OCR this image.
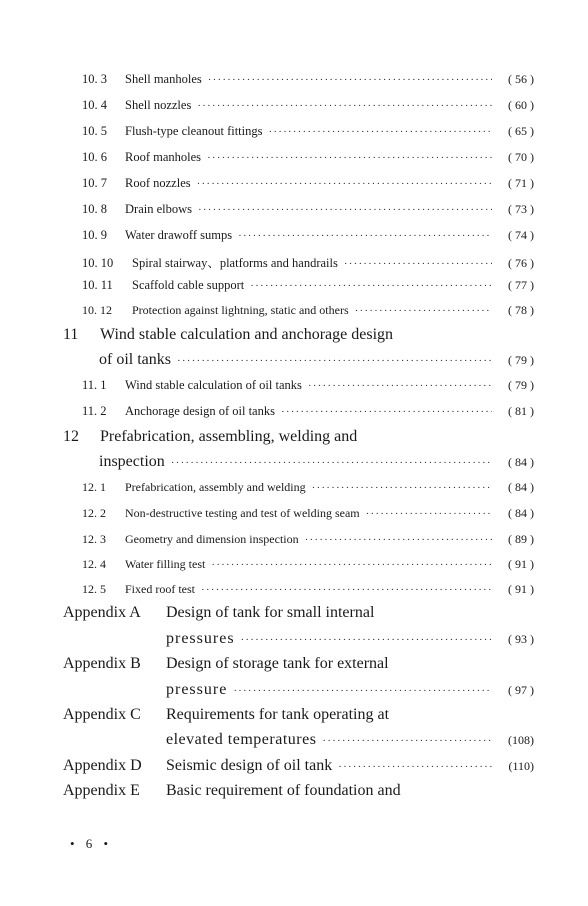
10. 3	Shell manholes ·····	( 56 )
10. 4	Shell nozzles ·····	( 60 )
10. 5	Flush-type cleanout fittings ·····	( 65 )
10. 6	Roof manholes ·····	( 70 )
10. 7	Roof nozzles ·····	( 71 )
10. 8	Drain elbows ·····	( 73 )
10. 9	Water drawoff sumps ·····	( 74 )
10. 10	Spiral stairway、platforms and handrails ·····	( 76 )
10. 11	Scaffold cable support ·····	( 77 )
10. 12	Protection against lightning, static and others ·····	( 78 )
11	Wind stable calculation and anchorage design
of oil tanks ·····	( 79 )
11. 1	Wind stable calculation of oil tanks ·····	( 79 )
11. 2	Anchorage design of oil tanks ·····	( 81 )
12	Prefabrication, assembling, welding and
inspection ·····	( 84 )
12. 1	Prefabrication, assembly and welding ·····	( 84 )
12. 2	Non-destructive testing and test of welding seam ·····	( 84 )
12. 3	Geometry and dimension inspection ·····	( 89 )
12. 4	Water filling test ·····	( 91 )
12. 5	Fixed roof test ·····	( 91 )
Appendix A	Design of tank for small internal
pressures ·····	( 93 )
Appendix B	Design of storage tank for external
pressure ·····	( 97 )
Appendix C	Requirements for tank operating at
elevated temperatures ·····	(108)
Appendix D	Seismic design of oil tank ·····	(110)
Appendix E	Basic requirement of foundation and
• 6 •
